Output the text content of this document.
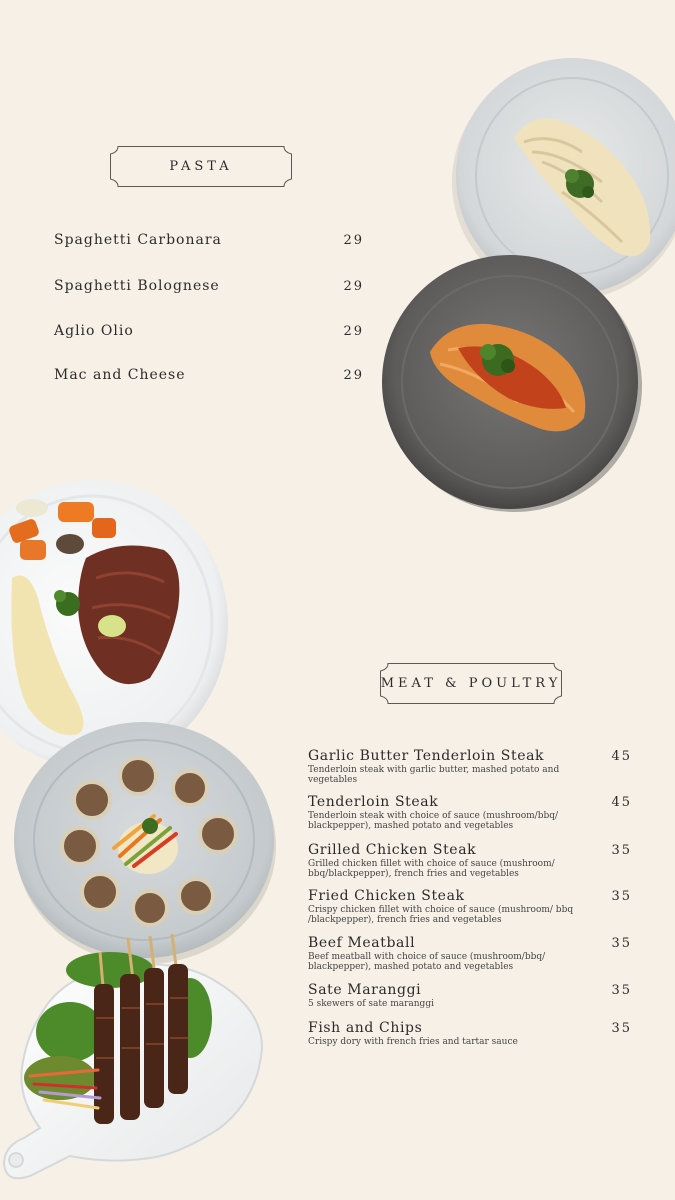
PASTA
Spaghetti Carbonara	29
Spaghetti Bolognese	29
Aglio Olio	29
Mac and Cheese	29
MEAT & POULTRY
Garlic Butter Tenderloin Steak	45
Tenderloin steak with garlic butter, mashed potato and vegetables
Tenderloin Steak	45
Tenderloin steak with choice of sauce (mushroom/bbq/ blackpepper), mashed potato and vegetables
Grilled Chicken Steak	35
Grilled chicken fillet with choice of sauce (mushroom/ bbq/blackpepper), french fries and vegetables
Fried Chicken Steak	35
Crispy chicken fillet with choice of sauce (mushroom/ bbq /blackpepper), french fries and vegetables
Beef Meatball	35
Beef meatball with choice of sauce (mushroom/bbq/ blackpepper), mashed potato and vegetables
Sate Maranggi	35
5 skewers of sate maranggi
Fish and Chips	35
Crispy dory with french fries and tartar sauce
